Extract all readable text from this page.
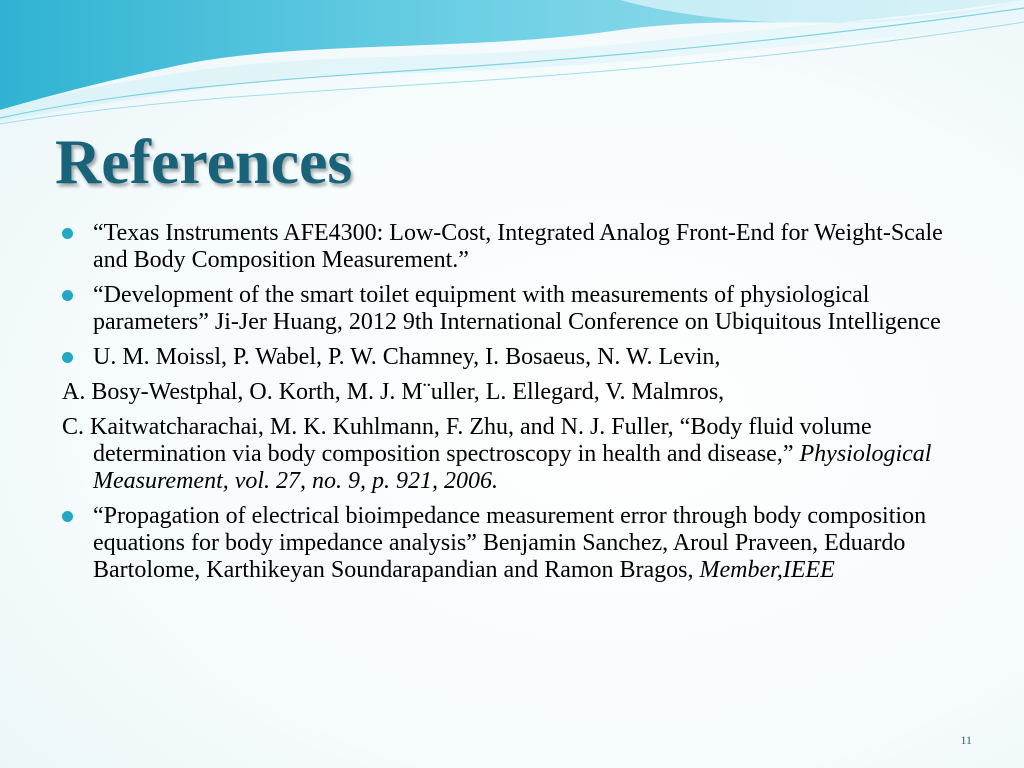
References

“Texas Instruments AFE4300: Low-Cost, Integrated Analog Front-End for Weight-Scale and Body Composition Measurement.”

“Development of the smart toilet equipment with measurements of physiological parameters” Ji-Jer Huang, 2012 9th International Conference on Ubiquitous Intelligence

U. M. Moissl, P. Wabel, P. W. Chamney, I. Bosaeus, N. W. Levin,

A. Bosy-Westphal, O. Korth, M. J. M¨uller, L. Ellegard, V. Malmros,

C. Kaitwatcharachai, M. K. Kuhlmann, F. Zhu, and N. J. Fuller, “Body fluid volume determination via body composition spectroscopy in health and disease,” Physiological Measurement, vol. 27, no. 9, p. 921, 2006.

“Propagation of electrical bioimpedance measurement error through body composition equations for body impedance analysis” Benjamin Sanchez, Aroul Praveen, Eduardo Bartolome, Karthikeyan Soundarapandian and Ramon Bragos, Member,IEEE

11
